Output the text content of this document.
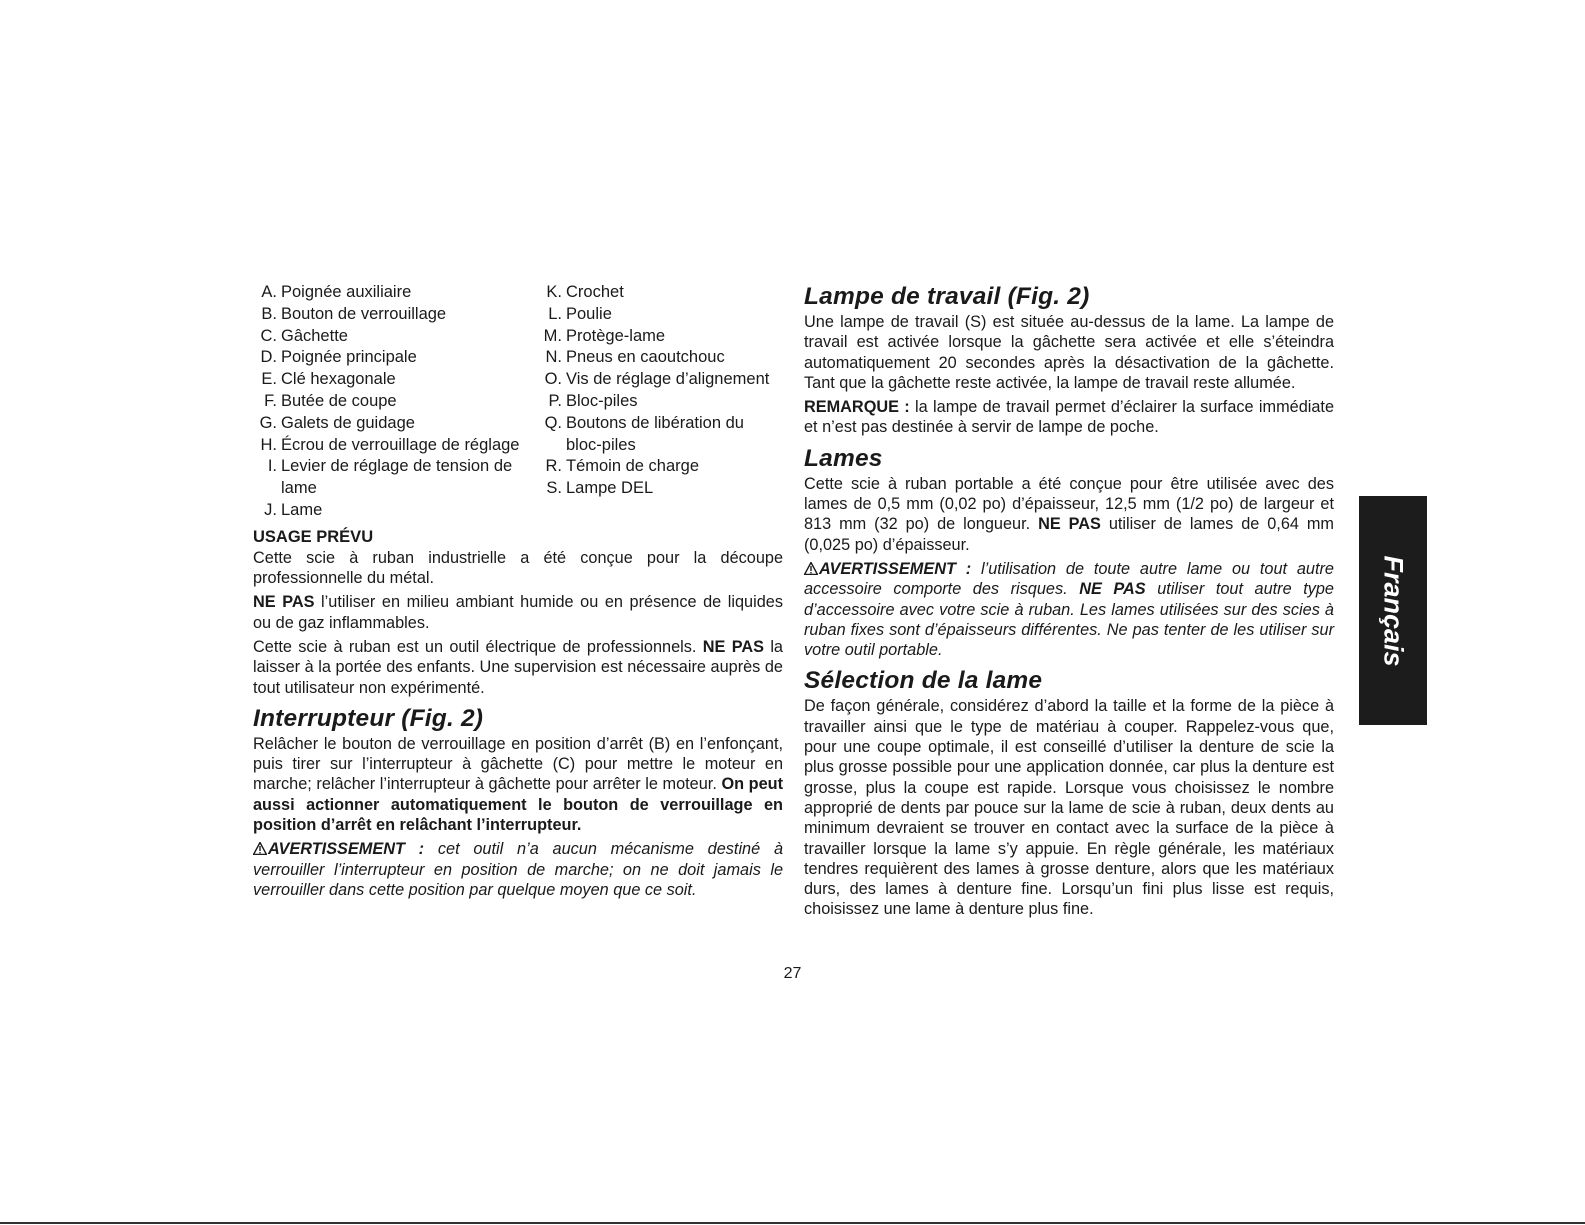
A. Poignée auxiliaire
B. Bouton de verrouillage
C. Gâchette
D. Poignée principale
E. Clé hexagonale
F. Butée de coupe
G. Galets de guidage
H. Écrou de verrouillage de réglage
I. Levier de réglage de tension de lame
J. Lame
K. Crochet
L. Poulie
M. Protège-lame
N. Pneus en caoutchouc
O. Vis de réglage d’alignement
P. Bloc-piles
Q. Boutons de libération du bloc-piles
R. Témoin de charge
S. Lampe DEL
USAGE PRÉVU

Cette scie à ruban industrielle a été conçue pour la découpe professionnelle du métal.

NE PAS l’utiliser en milieu ambiant humide ou en présence de liquides ou de gaz inflammables.

Cette scie à ruban est un outil électrique de professionnels. NE PAS la laisser à la portée des enfants. Une supervision est nécessaire auprès de tout utilisateur non expérimenté.

Interrupteur (Fig. 2)

Relâcher le bouton de verrouillage en position d’arrêt (B) en l’enfonçant, puis tirer sur l’interrupteur à gâchette (C) pour mettre le moteur en marche; relâcher l’interrupteur à gâchette pour arrêter le moteur. On peut aussi actionner automatiquement le bouton de verrouillage en position d’arrêt en relâchant l’interrupteur.

AVERTISSEMENT : cet outil n’a aucun mécanisme destiné à verrouiller l’interrupteur en position de marche; on ne doit jamais le verrouiller dans cette position par quelque moyen que ce soit.

Lampe de travail (Fig. 2)

Une lampe de travail (S) est située au-dessus de la lame. La lampe de travail est activée lorsque la gâchette sera activée et elle s’éteindra automatiquement 20 secondes après la désactivation de la gâchette. Tant que la gâchette reste activée, la lampe de travail reste allumée.

REMARQUE : la lampe de travail permet d’éclairer la surface immédiate et n’est pas destinée à servir de lampe de poche.

Lames

Cette scie à ruban portable a été conçue pour être utilisée avec des lames de 0,5 mm (0,02 po) d’épaisseur, 12,5 mm (1/2 po) de largeur et 813 mm (32 po) de longueur. NE PAS utiliser de lames de 0,64 mm (0,025 po) d’épaisseur.

AVERTISSEMENT : l’utilisation de toute autre lame ou tout autre accessoire comporte des risques. NE PAS utiliser tout autre type d’accessoire avec votre scie à ruban. Les lames utilisées sur des scies à ruban fixes sont d’épaisseurs différentes. Ne pas tenter de les utiliser sur votre outil portable.

Sélection de la lame

De façon générale, considérez d’abord la taille et la forme de la pièce à travailler ainsi que le type de matériau à couper. Rappelez-vous que, pour une coupe optimale, il est conseillé d’utiliser la denture de scie la plus grosse possible pour une application donnée, car plus la denture est grosse, plus la coupe est rapide. Lorsque vous choisissez le nombre approprié de dents par pouce sur la lame de scie à ruban, deux dents au minimum devraient se trouver en contact avec la surface de la pièce à travailler lorsque la lame s’y appuie. En règle générale, les matériaux tendres requièrent des lames à grosse denture, alors que les matériaux durs, des lames à denture fine. Lorsqu’un fini plus lisse est requis, choisissez une lame à denture plus fine.

Français
27
